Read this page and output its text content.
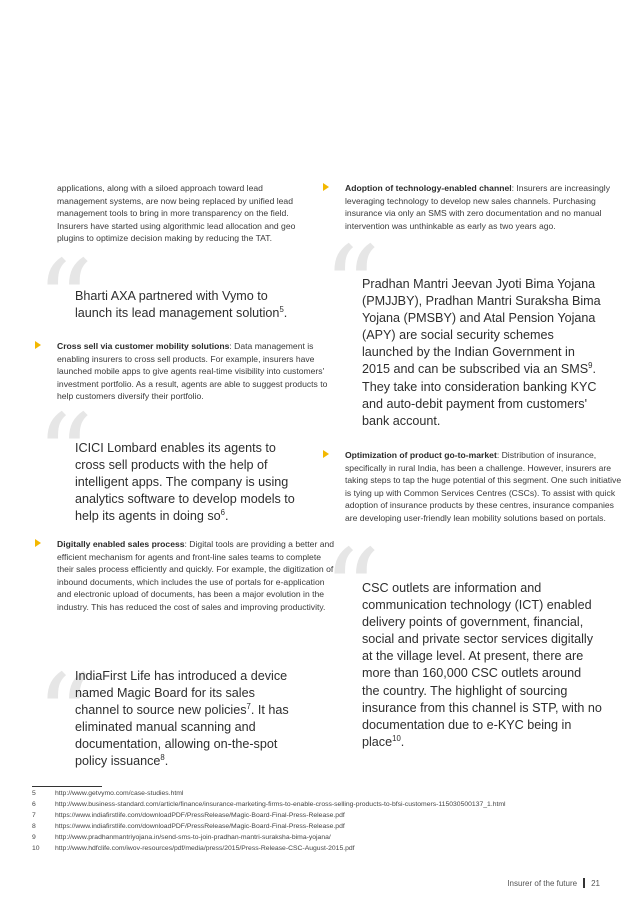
applications, along with a siloed approach toward lead management systems, are now being replaced by unified lead management tools to bring in more transparency on the field. Insurers have started using algorithmic lead allocation and geo plugins to optimize decision making by reducing the TAT.
“
Bharti AXA partnered with Vymo to launch its lead management solution$^5$.
Cross sell via customer mobility solutions: Data management is enabling insurers to cross sell products. For example, insurers have launched mobile apps to give agents real-time visibility into customers' investment portfolio. As a result, agents are able to suggest products to help customers diversify their portfolio.
“
ICICI Lombard enables its agents to cross sell products with the help of intelligent apps. The company is using analytics software to develop models to help its agents in doing $so^6$.
Digitally enabled sales process: Digital tools are providing a better and efficient mechanism for agents and front-line sales teams to complete their sales process efficiently and quickly. For example, the digitization of inbound documents, which includes the use of portals for e-application and electronic upload of documents, has been a major evolution in the industry. This has reduced the cost of sales and improving productivity.
“
IndiaFirst Life has introduced a device named Magic Board for its sales channel to source new policies$^7$. It has eliminated manual scanning and documentation, allowing on-the-spot policy issuance$^8$.
Adoption of technology-enabled channel: Insurers are increasingly leveraging technology to develop new sales channels. Purchasing insurance via only an SMS with zero documentation and no manual intervention was unthinkable as early as two years ago.
“
Pradhan Mantri Jeevan Jyoti Bima Yojana (PMJJBY), Pradhan Mantri Suraksha Bima Yojana (PMSBY) and Atal Pension Yojana (APY) are social security schemes launched by the Indian Government in 2015 and can be subscribed via an SMS$^9$. They take into consideration banking KYC and auto-debit payment from customers' bank account.
Optimization of product go-to-market: Distribution of insurance, specifically in rural India, has been a challenge. However, insurers are taking steps to tap the huge potential of this segment. One such initiative is tying up with Common Services Centres (CSCs). To assist with quick adoption of insurance products by these centres, insurance companies are developing user-friendly lean mobility solutions based on portals.
“
CSC outlets are information and communication technology (ICT) enabled delivery points of government, financial, social and private sector services digitally at the village level. At present, there are more than 160,000 CSC outlets around the country. The highlight of sourcing insurance from this channel is STP, with no documentation due to e-KYC being in place$^{10}$.
5	http://www.getvymo.com/case-studies.html
6	http://www.business-standard.com/article/finance/insurance-marketing-firms-to-enable-cross-selling-products-to-bfsi-customers-115030500137_1.html
7	https://www.indiafirstlife.com/downloadPDF/PressRelease/Magic-Board-Final-Press-Release.pdf
8	https://www.indiafirstlife.com/downloadPDF/PressRelease/Magic-Board-Final-Press-Release.pdf
9	http://www.pradhanmantriyojana.in/send-sms-to-join-pradhan-mantri-suraksha-bima-yojana/
10 http://www.hdfclife.com/iwov-resources/pdf/media/press/2015/Press-Release-CSC-August-2015.pdf
Insurer of the future 21
